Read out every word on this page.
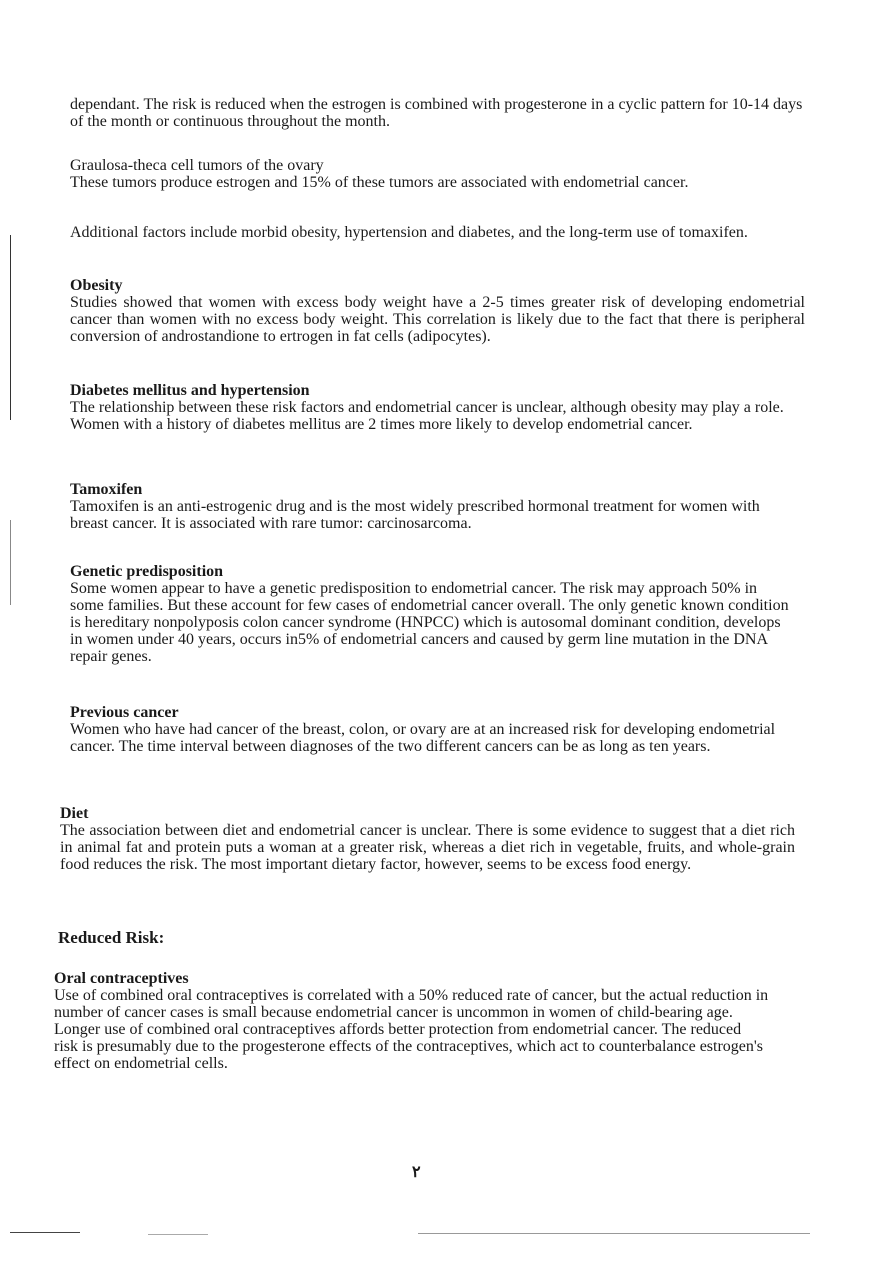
dependant. The risk is reduced when the estrogen is combined with progesterone in a cyclic pattern for 10-14 days of the month or continuous throughout the month.

Graulosa-theca cell tumors of the ovary

These tumors produce estrogen and 15% of these tumors are associated with endometrial cancer.

Additional factors include morbid obesity, hypertension and diabetes, and the long-term use of tomaxifen.

Obesity

Studies showed that women with excess body weight have a 2-5 times greater risk of developing endometrial cancer than women with no excess body weight. This correlation is likely due to the fact that there is peripheral conversion of androstandione to ertrogen in fat cells (adipocytes).

Diabetes mellitus and hypertension

The relationship between these risk factors and endometrial cancer is unclear, although obesity may play a role. Women with a history of diabetes mellitus are 2 times more likely to develop endometrial cancer.

Tamoxifen

Tamoxifen is an anti-estrogenic drug and is the most widely prescribed hormonal treatment for women with breast cancer. It is associated with rare tumor: carcinosarcoma.

Genetic predisposition

Some women appear to have a genetic predisposition to endometrial cancer. The risk may approach 50% in some families. But these account for few cases of endometrial cancer overall. The only genetic known condition is hereditary nonpolyposis colon cancer syndrome (HNPCC) which is autosomal dominant condition, develops in women under 40 years, occurs in5% of endometrial cancers and caused by germ line mutation in the DNA repair genes.

Previous cancer

Women who have had cancer of the breast, colon, or ovary are at an increased risk for developing endometrial cancer. The time interval between diagnoses of the two different cancers can be as long as ten years.

Diet

The association between diet and endometrial cancer is unclear. There is some evidence to suggest that a diet rich in animal fat and protein puts a woman at a greater risk, whereas a diet rich in vegetable, fruits, and whole-grain food reduces the risk. The most important dietary factor, however, seems to be excess food energy.

Reduced Risk:

Oral contraceptives

Use of combined oral contraceptives is correlated with a 50% reduced rate of cancer, but the actual reduction in number of cancer cases is small because endometrial cancer is uncommon in women of child-bearing age. Longer use of combined oral contraceptives affords better protection from endometrial cancer. The reduced risk is presumably due to the progesterone effects of the contraceptives, which act to counterbalance estrogen's effect on endometrial cells.

٢
